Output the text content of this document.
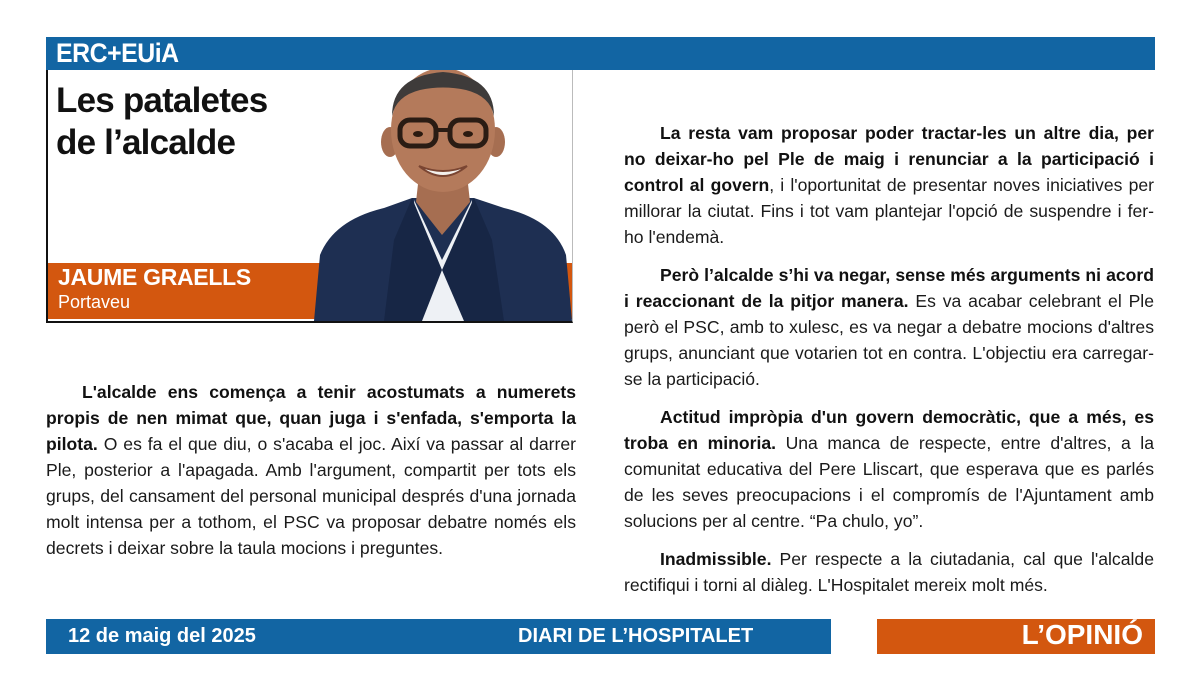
ERC+EUiA
Les pataletes
de l’alcalde
JAUME GRAELLS
Portaveu

L'alcalde ens comença a tenir acostumats a numerets propis de nen mimat que, quan juga i s'enfada, s'emporta la pilota. O es fa el que diu, o s'acaba el joc. Així va passar al darrer Ple, posterior a l'apagada. Amb l'argument, compartit per tots els grups, del cansament del personal municipal després d'una jornada molt intensa per a tothom, el PSC va proposar debatre només els decrets i deixar sobre la taula mocions i preguntes.

La resta vam proposar poder tractar-les un altre dia, per no deixar-ho pel Ple de maig i renunciar a la participació i control al govern, i l'oportunitat de presentar noves iniciatives per millorar la ciutat. Fins i tot vam plantejar l'opció de suspendre i fer-ho l'endemà.

Però l’alcalde s’hi va negar, sense més arguments ni acord i reaccionant de la pitjor manera. Es va acabar celebrant el Ple però el PSC, amb to xulesc, es va negar a debatre mocions d'altres grups, anunciant que votarien tot en contra. L'objectiu era carregar-se la participació.

Actitud impròpia d'un govern democràtic, que a més, es troba en minoria. Una manca de respecte, entre d'altres, a la comunitat educativa del Pere Lliscart, que esperava que es parlés de les seves preocupacions i el compromís de l'Ajuntament amb solucions per al centre. “Pa chulo, yo”.

Inadmissible. Per respecte a la ciutadania, cal que l'alcalde rectifiqui i torni al diàleg. L'Hospitalet mereix molt més.

12 de maig del 2025	DIARI DE L’HOSPITALET	L’OPINIÓ
